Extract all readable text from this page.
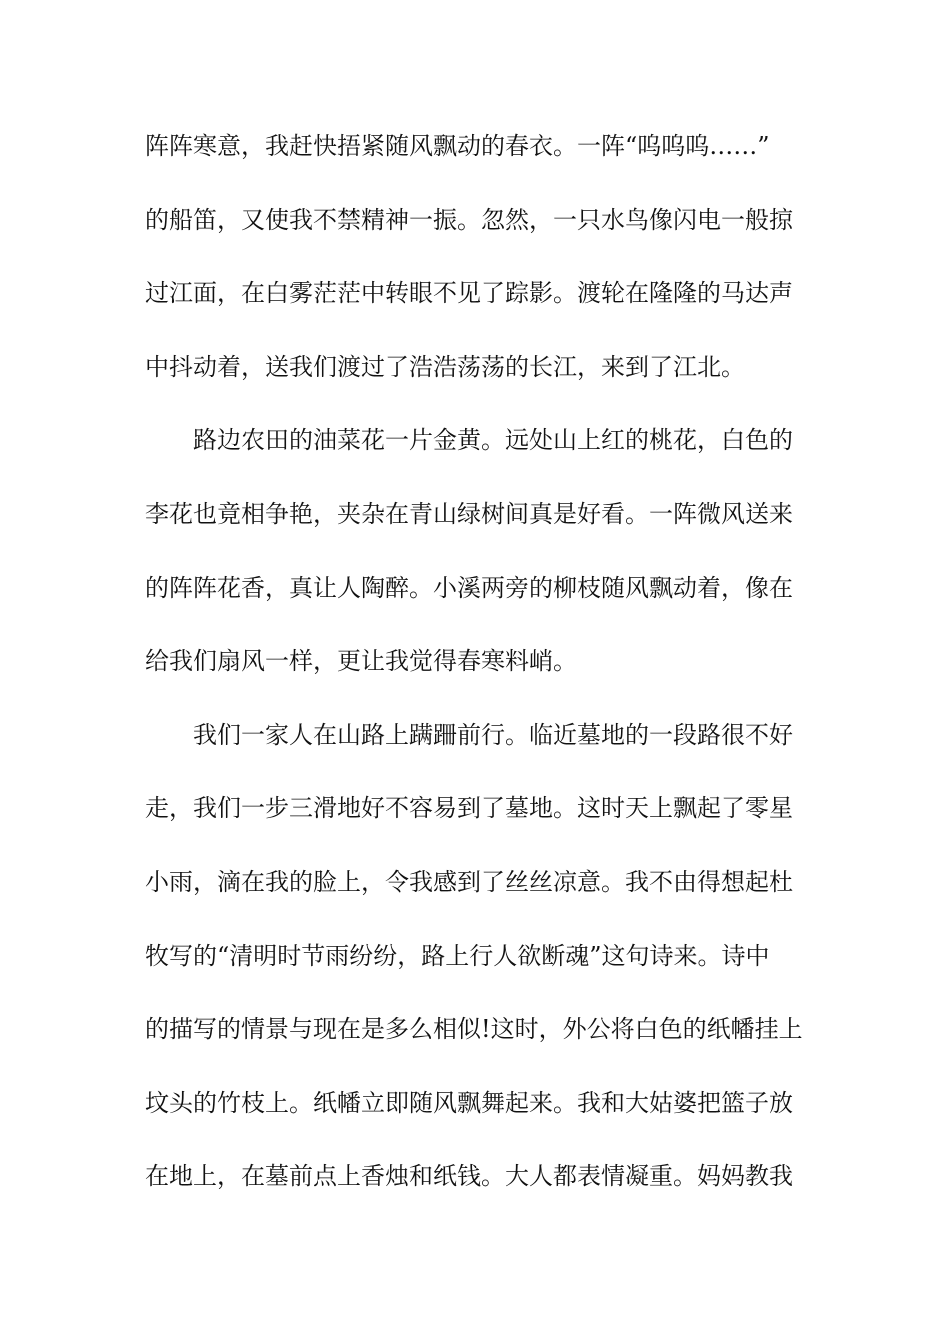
阵阵寒意，我赶快捂紧随风飘动的春衣。一阵“呜呜呜……”
的船笛，又使我不禁精神一振。忽然，一只水鸟像闪电一般掠
过江面，在白雾茫茫中转眼不见了踪影。渡轮在隆隆的马达声
中抖动着，送我们渡过了浩浩荡荡的长江，来到了江北。
路边农田的油菜花一片金黄。远处山上红的桃花，白色的
李花也竟相争艳，夹杂在青山绿树间真是好看。一阵微风送来
的阵阵花香，真让人陶醉。小溪两旁的柳枝随风飘动着，像在
给我们扇风一样，更让我觉得春寒料峭。
我们一家人在山路上蹒跚前行。临近墓地的一段路很不好
走，我们一步三滑地好不容易到了墓地。这时天上飘起了零星
小雨，滴在我的脸上，令我感到了丝丝凉意。我不由得想起杜
牧写的“清明时节雨纷纷，路上行人欲断魂”这句诗来。诗中
的描写的情景与现在是多么相似!这时，外公将白色的纸幡挂上
坟头的竹枝上。纸幡立即随风飘舞起来。我和大姑婆把篮子放
在地上，在墓前点上香烛和纸钱。大人都表情凝重。妈妈教我
